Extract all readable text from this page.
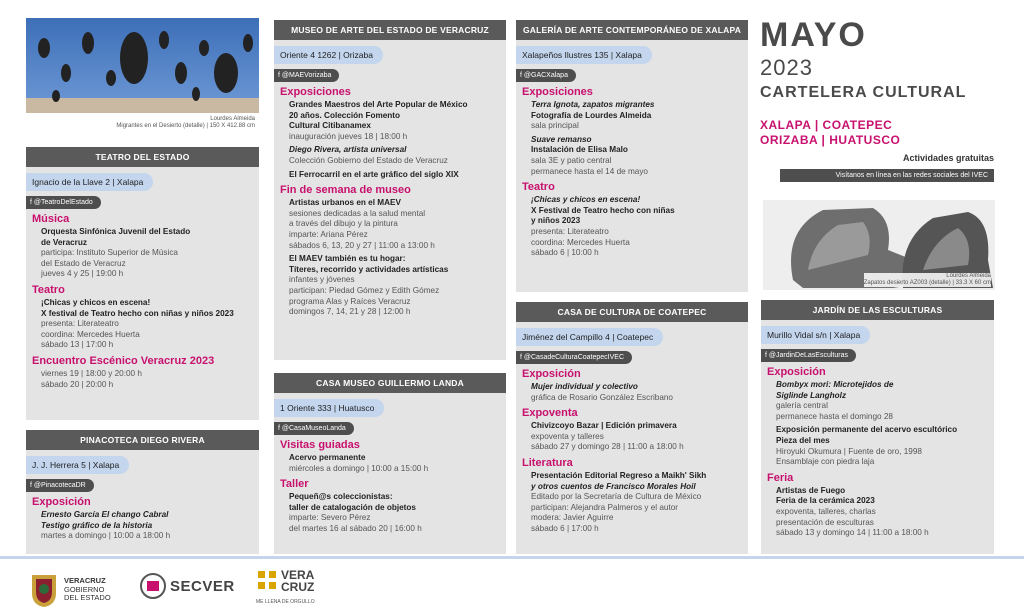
Lourdes Almeida
Migrantes en el Desierto (detalle) | 150 X 412.88 cm
TEATRO DEL ESTADO
Ignacio de la Llave 2 | Xalapa
f @TeatroDelEstado
Música
Orquesta Sinfónica Juvenil del Estado
de Veracruz
participa: Instituto Superior de Música
del Estado de Veracruz
jueves 4 y 25 | 19:00 h
Teatro
¡Chicas y chicos en escena!
X festival de Teatro hecho con niñas y niños 2023
presenta: Literateatro
coordina: Mercedes Huerta
sábado 13 | 17:00 h
Encuentro Escénico Veracruz 2023
viernes 19 | 18:00 y 20:00 h
sábado 20 | 20:00 h
PINACOTECA DIEGO RIVERA
J. J. Herrera 5 | Xalapa
f @PinacotecaDR
Exposición
Ernesto García El chango Cabral
Testigo gráfico de la historia
martes a domingo | 10:00 a 18:00 h
MUSEO DE ARTE DEL ESTADO DE VERACRUZ
Oriente 4 1262 | Orizaba
f @MAEVorizaba
Exposiciones
Grandes Maestros del Arte Popular de México
20 años. Colección Fomento
Cultural Citibanamex
inauguración jueves 18 | 18:00 h
Diego Rivera, artista universal
Colección Gobierno del Estado de Veracruz
El Ferrocarril en el arte gráfico del siglo XIX
Fin de semana de museo
Artistas urbanos en el MAEV
sesiones dedicadas a la salud mental
a través del dibujo y la pintura
imparte: Ariana Pérez
sábados 6, 13, 20 y 27 | 11:00 a 13:00 h
El MAEV también es tu hogar:
Títeres, recorrido y actividades artísticas
infantes y jóvenes
participan: Piedad Gómez y Edith Gómez
programa Alas y Raíces Veracruz
domingos 7, 14, 21 y 28 | 12:00 h
CASA MUSEO GUILLERMO LANDA
1 Oriente 333 | Huatusco
f @CasaMuseoLanda
Visitas guiadas
Acervo permanente
miércoles a domingo | 10:00 a 15:00 h
Taller
Pequeñ@s coleccionistas:
taller de catalogación de objetos
imparte: Severo Pérez
del martes 16 al sábado 20 | 16:00 h
GALERÍA DE ARTE CONTEMPORÁNEO DE XALAPA
Xalapeños Ilustres 135 | Xalapa
f @GACXalapa
Exposiciones
Terra Ignota, zapatos migrantes
Fotografía de Lourdes Almeida
sala principal
Suave remanso
Instalación de Elisa Malo
sala 3E y patio central
permanece hasta el 14 de mayo
Teatro
¡Chicas y chicos en escena!
X Festival de Teatro hecho con niñas
y niños 2023
presenta: Literateatro
coordina: Mercedes Huerta
sábado 6 | 10:00 h
CASA DE CULTURA DE COATEPEC
Jiménez del Campillo 4 | Coatepec
f @CasadeCulturaCoatepecIVEC
Exposición
Mujer individual y colectivo
gráfica de Rosario González Escribano
Expoventa
Chivizcoyo Bazar | Edición primavera
expoventa y talleres
sábado 27 y domingo 28 | 11:00 a 18:00 h
Literatura
Presentación Editorial Regreso a Maikh' Sikh
y otros cuentos de Francisco Morales Hoil
Editado por la Secretaría de Cultura de México
participan: Alejandra Palmeros y el autor
modera: Javier Aguirre
sábado 6 | 17:00 h
MAYO
2023
CARTELERA CULTURAL
XALAPA | COATEPEC
ORIZABA | HUATUSCO
Actividades gratuitas
Visítanos en línea en las redes sociales del IVEC
Lourdes Almeida
Zapatos desierto AZ003 (detalle) | 33.3 X 60 cm
JARDÍN DE LAS ESCULTURAS
Murillo Vidal s/n | Xalapa
f @JardinDeLasEsculturas
Exposición
Bombyx mori: Microtejidos de
Siglinde Langholz
galería central
permanece hasta el domingo 28
Exposición permanente del acervo escultórico
Pieza del mes
Hiroyuki Okumura | Fuente de oro, 1998
Ensamblaje con piedra laja
Feria
Artistas de Fuego
Feria de la cerámica 2023
expoventa, talleres, charlas
presentación de esculturas
sábado 13 y domingo 14 | 11:00 a 18:00 h
VERACRUZ
GOBIERNO
DEL ESTADO
SECVER
VERA
CRUZ
ME LLENA DE ORGULLO
